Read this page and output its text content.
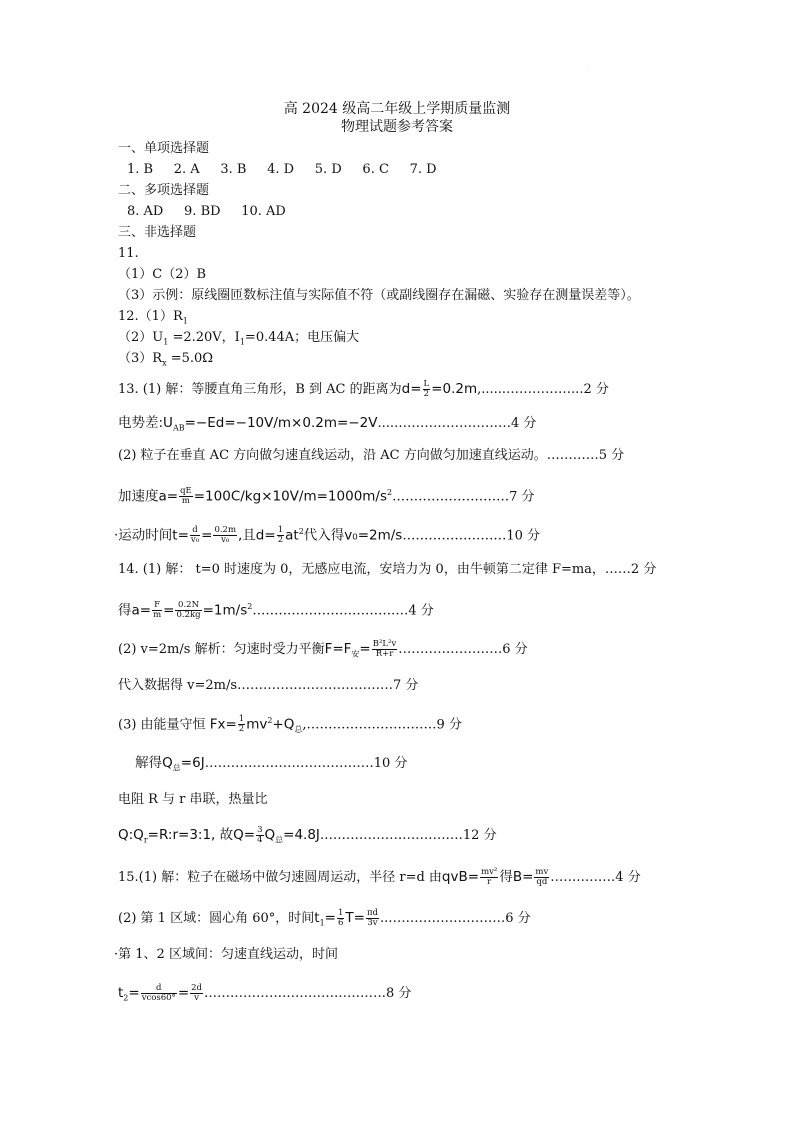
·
高 2024 级高二年级上学期质量监测
物理试题参考答案
一、单项选择题
1. B 2. A 3. B 4. D 5. D 6. C 7. D
二、多项选择题
8. AD 9. BD 10. AD
三、非选择题
11.
（1）C（2）B
（3）示例：原线圈匝数标注值与实际值不符（或副线圈存在漏磁、实验存在测量误差等）。
$12.(1)R_1$
$(2)U_1 =2.20V$，$I_1=0.44A$；电压偏大
$(3)R_x =5.0\Omega$
13. (1) 解：等腰直角三角形，B 到 AC 的距离为$d= \frac{L}{2}$ =0.2m,......……………...2 分
电势差$:U_{AB}=-Ed=-10V/m\times 0.2m=-2V....\dots\dots\dots\dots\dots\dots\dots\dots\dots 4$ 分
(2) 粒子在垂直 AC 方向做匀速直线运动，沿 AC 方向做匀加速直线运动。…………5 分
加速度$a= \frac{qE}{m}$ $=100C/kg\times 10V/m=1000m/s^2\dots\dots\dots\dots\dots\dots\dots\dots\dots 7$ 分
·运动时间$t= \frac{d}{\text{v₀}} = \frac{0.2m}{\text{v₀}}$ ,且$d= \frac{1}{2} at^2$代入得v₀=2m/s……………………10 分
14. (1) 解： t=0 时速度为 0，无感应电流，安培力为 0，由牛顿第二定律 F=ma，……2 分
得$a= \frac{F}{m} = \frac{0.2N}{0.2kg}$ $=1m/s^2\dots\dots\dots\dots\dots\dots\dots\dots\dots\dots\dots\dots 4$ 分
(2) v=2m/s 解析：匀速时受力平衡$F=F_安= \frac{\text{B²L²v}}{R+r}$ ……………………6 分
代入数据得 v=2m/s………………………………7 分
(3) 由能量守恒 $Fx= \frac{1}{2}$ $mv^2+Q_总,\dots\dots\dots\dots\dots\dots\dots\dots\dots\dots 9$ 分
解得$Q_总=6J\dots\dots\dots\dots\dots\dots\dots\dots\dots\dots\dots\dots\dots 10$ 分
电阻 R 与 r 串联，热量比
$Q:Q_r=R:r=3:1$, 故$Q= \frac{3}{4}$ $Q_总=4.8J\dots\dots\dots\dots\dots\dots\dots\dots\dots\dots\dots 12$ 分
15.(1) 解：粒子在磁场中做匀速圆周运动，半径 r=d 由$qvB= \frac{\text{mv²}}{r}$ 得$B= \frac{mv}{qd}$ ……………4 分
(2) 第 1 区域：圆心角 60°，时间$t_1= \frac{1}{6} T= \frac{\pi d}{3v}$ ..………………………6 分
·第 1、2 区域间：匀速直线运动，时间
$t_2= \frac{d}{vcos60^\circ} = \frac{2d}{v}$ ……………………………………8 分
